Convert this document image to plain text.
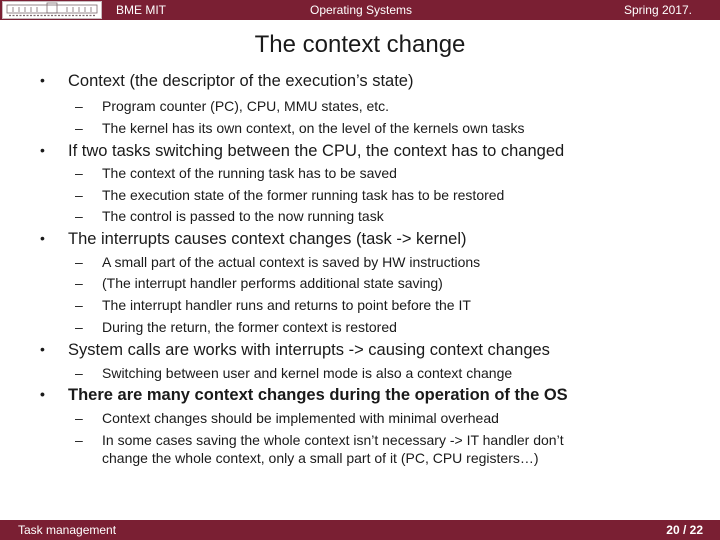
BME MIT	Operating Systems	Spring 2017.
The context change
• Context (the descriptor of the execution’s state)
– Program counter (PC), CPU, MMU states, etc.
– The kernel has its own context, on the level of the kernels own tasks
• If two tasks switching between the CPU, the context has to changed
– The context of the running task has to be saved
– The execution state of the former running task has to be restored
– The control is passed to the now running task
• The interrupts causes context changes (task -> kernel)
– A small part of the actual context is saved by HW instructions
– (The interrupt handler performs additional state saving)
– The interrupt handler runs and returns to point before the IT
– During the return, the former context is restored
• System calls are works with interrupts -> causing context changes
– Switching between user and kernel mode is also a context change
• There are many context changes during the operation of the OS
– Context changes should be implemented with minimal overhead
– In some cases saving the whole context isn’t necessary -> IT handler don’t
change the whole context, only a small part of it (PC, CPU registers…)
Task management	20 / 22
